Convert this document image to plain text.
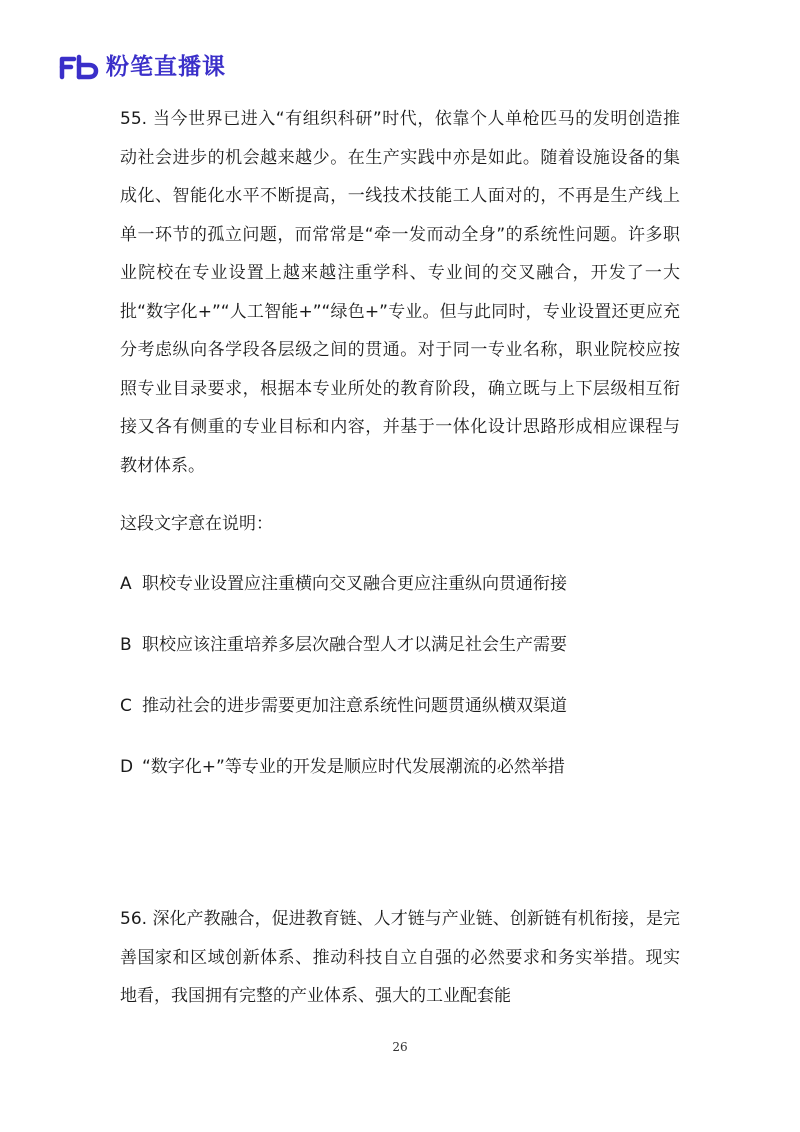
粉笔直播课

55. 当今世界已进入“有组织科研”时代，依靠个人单枪匹马的发明创造推动社会进步的机会越来越少。在生产实践中亦是如此。随着设施设备的集成化、智能化水平不断提高，一线技术技能工人面对的，不再是生产线上单一环节的孤立问题，而常常是“牵一发而动全身”的系统性问题。许多职业院校在专业设置上越来越注重学科、专业间的交叉融合，开发了一大批“数字化+”“人工智能+”“绿色+”专业。但与此同时，专业设置还更应充分考虑纵向各学段各层级之间的贯通。对于同一专业名称，职业院校应按照专业目录要求，根据本专业所处的教育阶段，确立既与上下层级相互衔接又各有侧重的专业目标和内容，并基于一体化设计思路形成相应课程与教材体系。

这段文字意在说明：

A 职校专业设置应注重横向交叉融合更应注重纵向贯通衔接
B 职校应该注重培养多层次融合型人才以满足社会生产需要
C 推动社会的进步需要更加注意系统性问题贯通纵横双渠道
D “数字化+”等专业的开发是顺应时代发展潮流的必然举措

56. 深化产教融合，促进教育链、人才链与产业链、创新链有机衔接，是完善国家和区域创新体系、推动科技自立自强的必然要求和务实举措。现实地看，我国拥有完整的产业体系、强大的工业配套能

26
